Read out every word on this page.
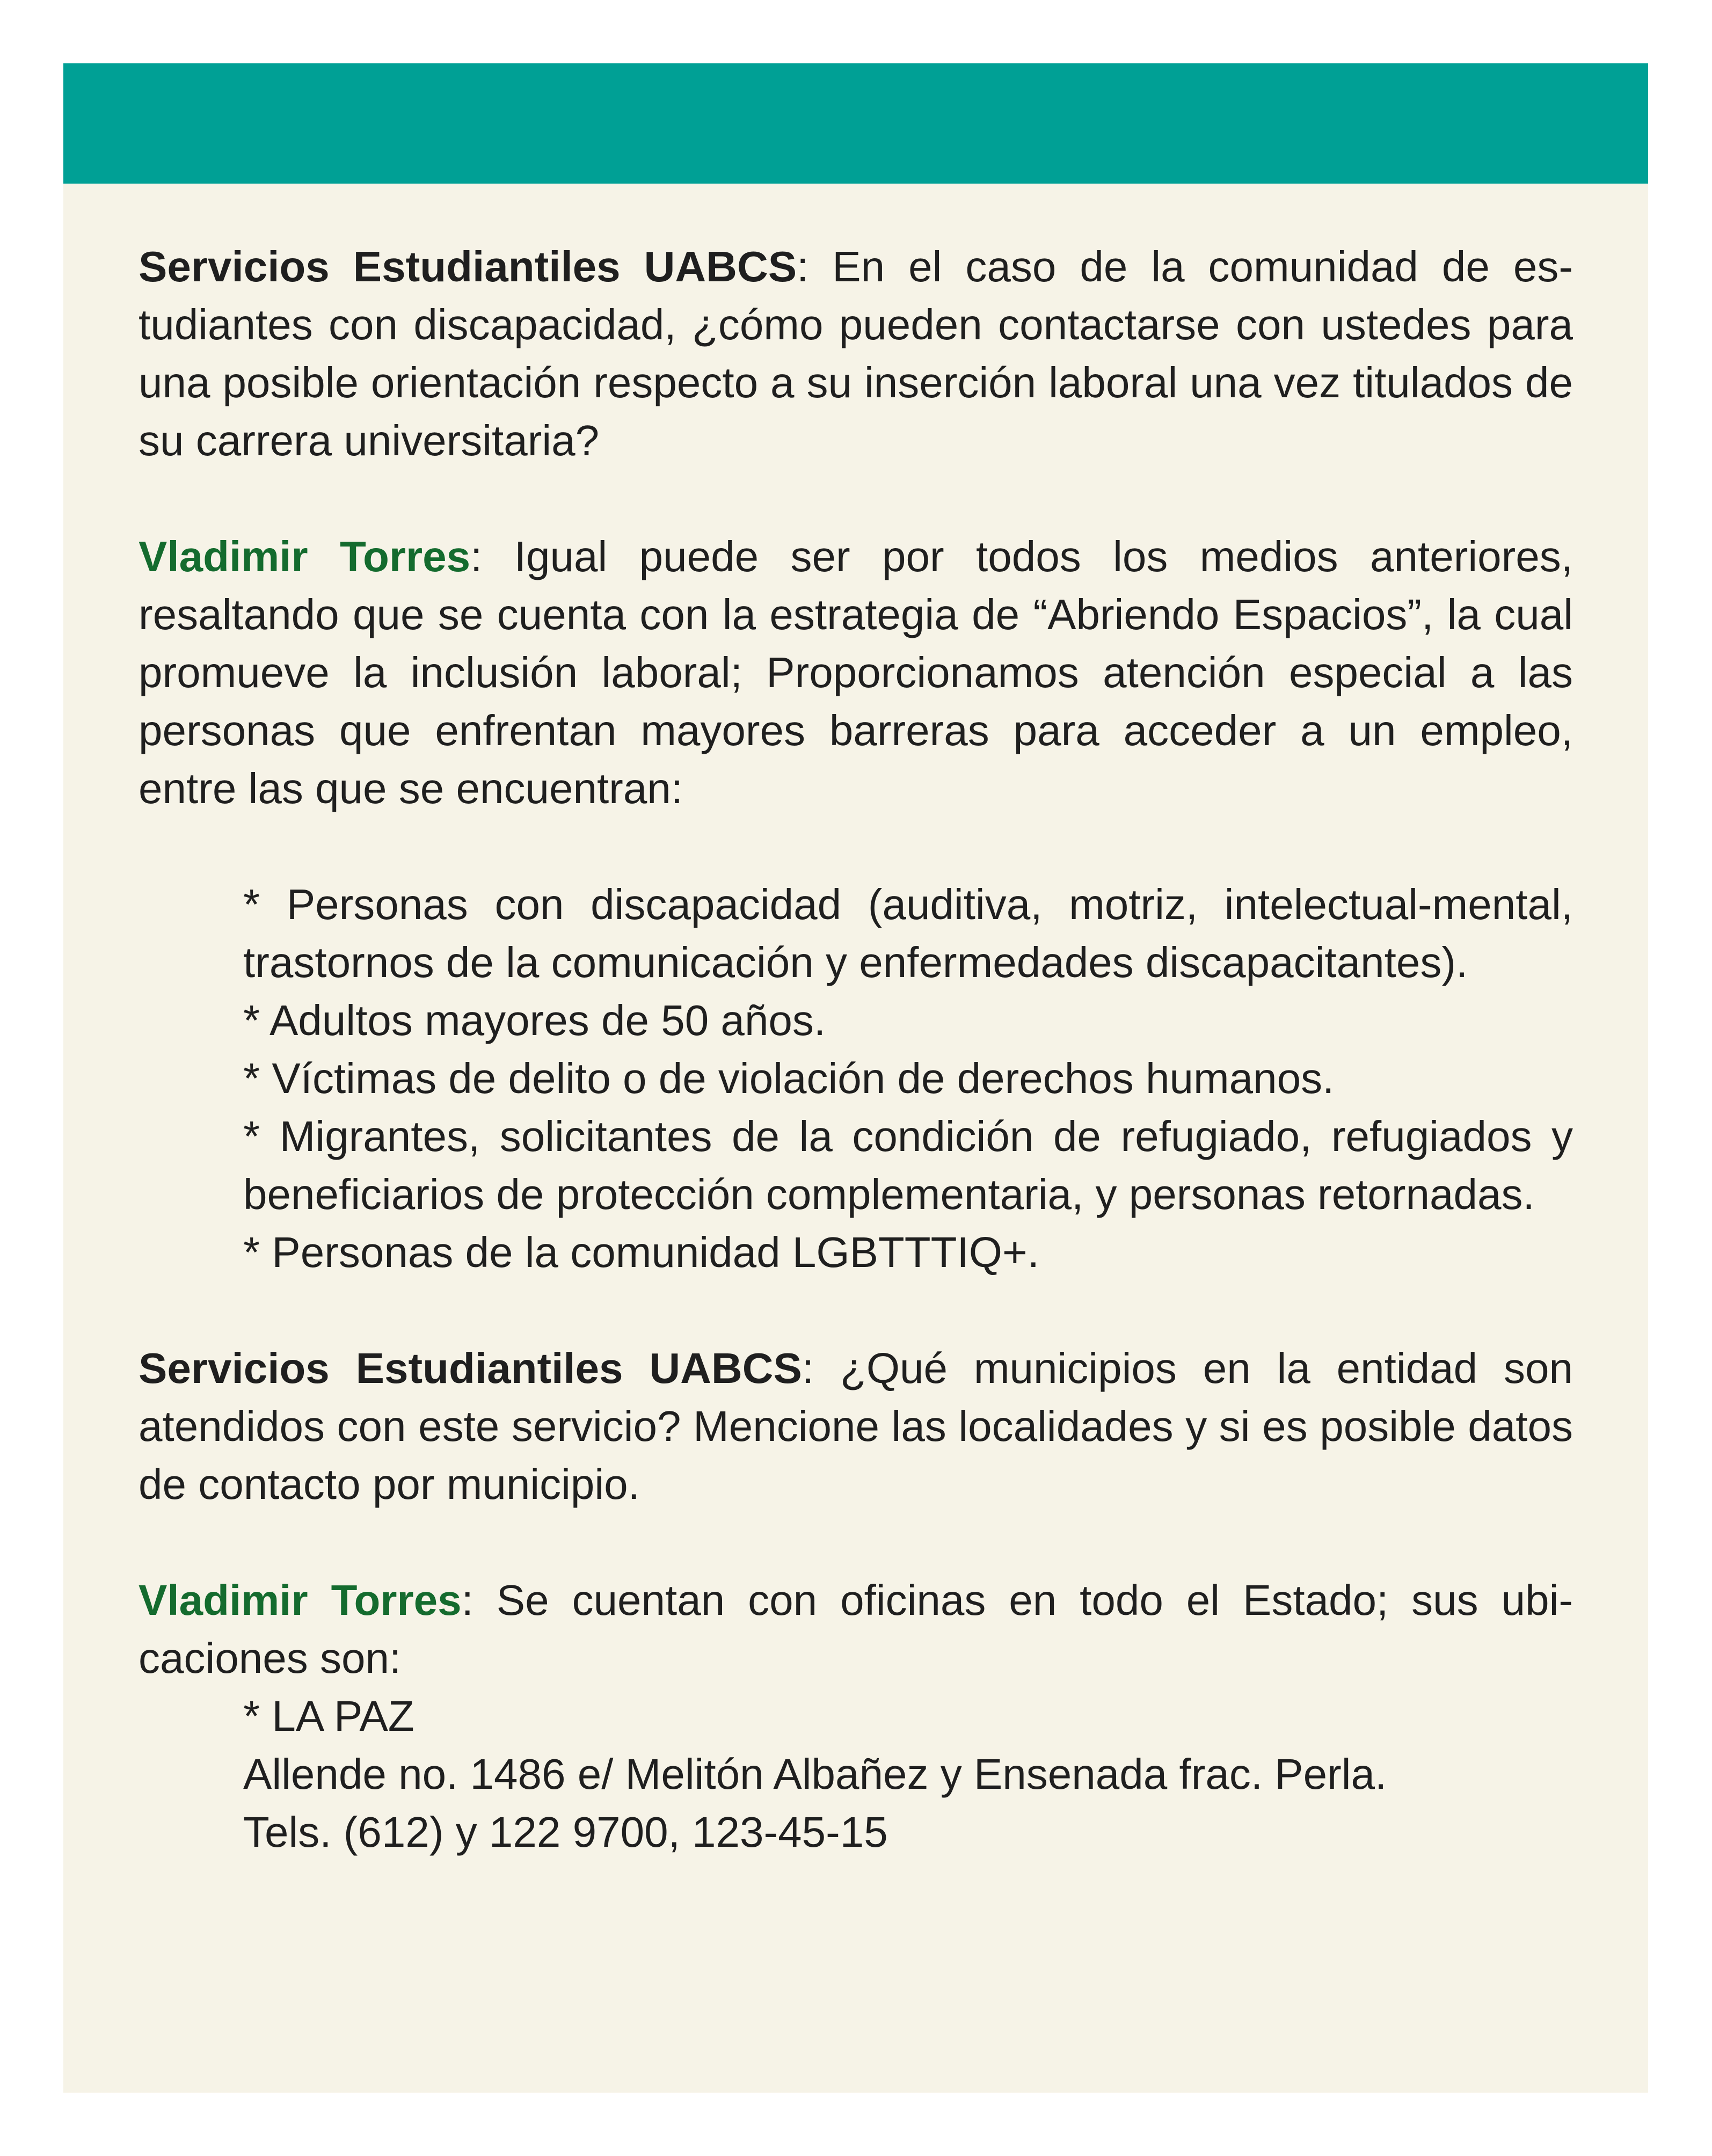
Servicios Estudiantiles UABCS: En el caso de la comunidad de estudiantes con discapacidad, ¿cómo pueden contactarse con ustedes para una posible orientación respecto a su inserción laboral una vez titulados de su carrera universitaria?

Vladimir Torres: Igual puede ser por todos los medios anteriores, resaltando que se cuenta con la estrategia de “Abriendo Espacios”, la cual promueve la inclusión laboral; Proporcionamos atención especial a las personas que enfrentan mayores barreras para acceder a un empleo, entre las que se encuentran:

* Personas con discapacidad (auditiva, motriz, intelectual-mental, trastornos de la comunicación y enfermedades discapacitantes).

* Adultos mayores de 50 años.

* Víctimas de delito o de violación de derechos humanos.

* Migrantes, solicitantes de la condición de refugiado, refugiados y beneficiarios de protección complementaria, y personas retornadas.

* Personas de la comunidad LGBTTTIQ+.

Servicios Estudiantiles UABCS: ¿Qué municipios en la entidad son atendidos con este servicio? Mencione las localidades y si es posible datos de contacto por municipio.

Vladimir Torres: Se cuentan con oficinas en todo el Estado; sus ubicaciones son:

* LA PAZ

Allende no. 1486 e/ Melitón Albañez y Ensenada frac. Perla.

Tels. (612) y 122 9700, 123-45-15
